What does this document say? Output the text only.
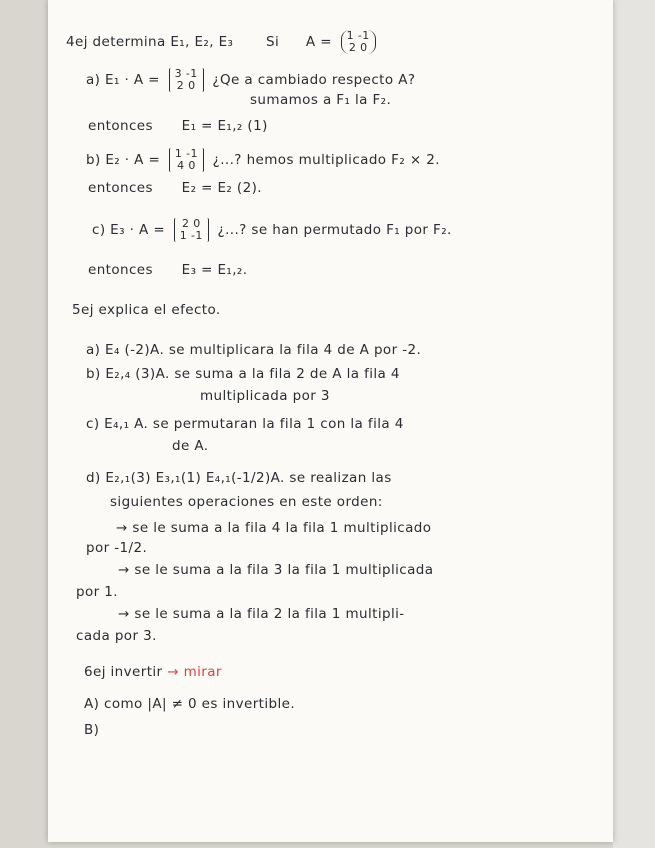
4ej determina E₁, E₂, E₃ Si A = 1 -1
2 0
a) E₁ · A = 3 -1
2 0 ¿Qe a cambiado respecto A?
sumamos a F₁ la F₂.
entonces E₁ = E₁,₂ (1)
b) E₂ · A = 1 -1
4 0 ¿...? hemos multiplicado F₂ × 2.
entonces E₂ = E₂ (2).
c) E₃ · A = 2 0
1 -1 ¿...? se han permutado F₁ por F₂.
entonces E₃ = E₁,₂.
5ej explica el efecto.
a) E₄ (-2)A. se multiplicara la fila 4 de A por -2.
b) E₂,₄ (3)A. se suma a la fila 2 de A la fila 4
multiplicada por 3
c) E₄,₁ A. se permutaran la fila 1 con la fila 4
de A.
d) E₂,₁(3) E₃,₁(1) E₄,₁(-1/2)A. se realizan las
siguientes operaciones en este orden:
→ se le suma a la fila 4 la fila 1 multiplicado
por -1/2.
→ se le suma a la fila 3 la fila 1 multiplicada
por 1.
→ se le suma a la fila 2 la fila 1 multipli-
cada por 3.
6ej invertir → mirar
A) como |A| ≠ 0 es invertible.
B)
